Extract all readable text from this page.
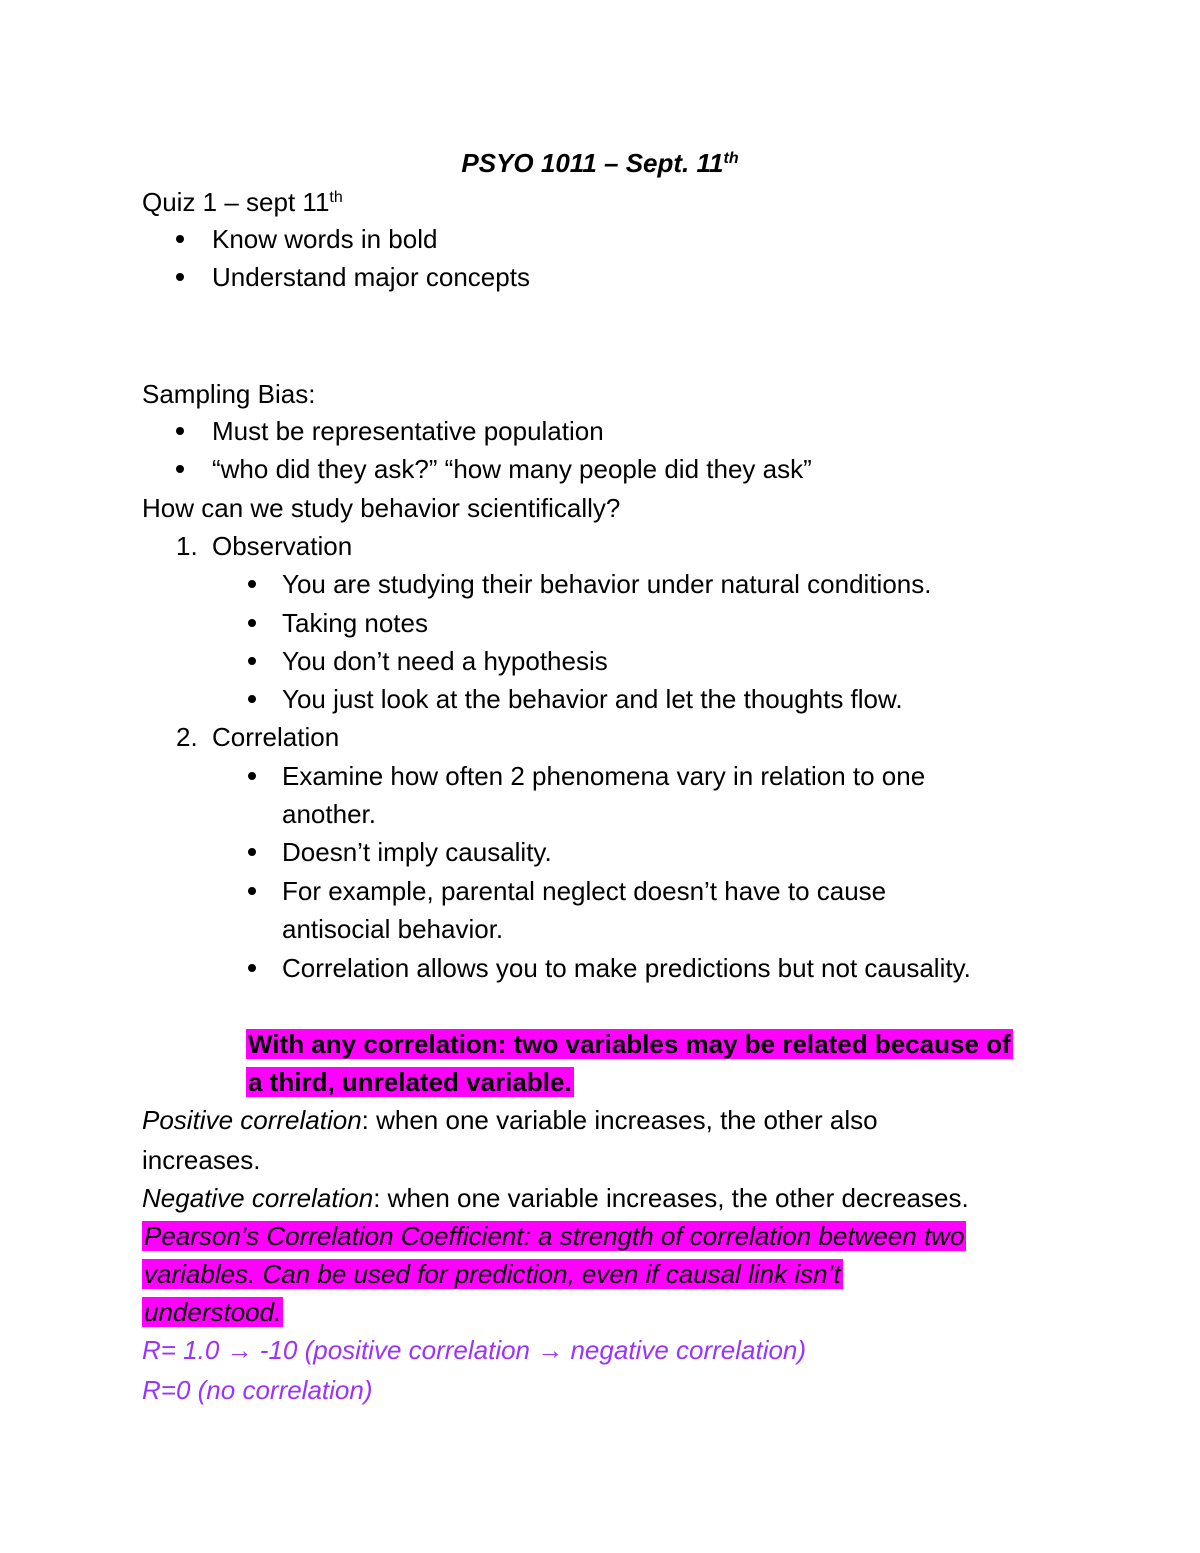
PSYO 1011 – Sept. 11th
Quiz 1 – sept 11th
Know words in bold
Understand major concepts
Sampling Bias:
Must be representative population
“who did they ask?” “how many people did they ask”
How can we study behavior scientifically?
1. Observation
You are studying their behavior under natural conditions.
Taking notes
You don’t need a hypothesis
You just look at the behavior and let the thoughts flow.
2. Correlation
Examine how often 2 phenomena vary in relation to one
another.
Doesn’t imply causality.
For example, parental neglect doesn’t have to cause
antisocial behavior.
Correlation allows you to make predictions but not causality.
With any correlation: two variables may be related because of
a third, unrelated variable.
Positive correlation: when one variable increases, the other also
increases.
Negative correlation: when one variable increases, the other decreases.
Pearson’s Correlation Coefficient: a strength of correlation between two
variables. Can be used for prediction, even if causal link isn’t
understood.
R= 1.0 → -10 (positive correlation → negative correlation)
R=0 (no correlation)
